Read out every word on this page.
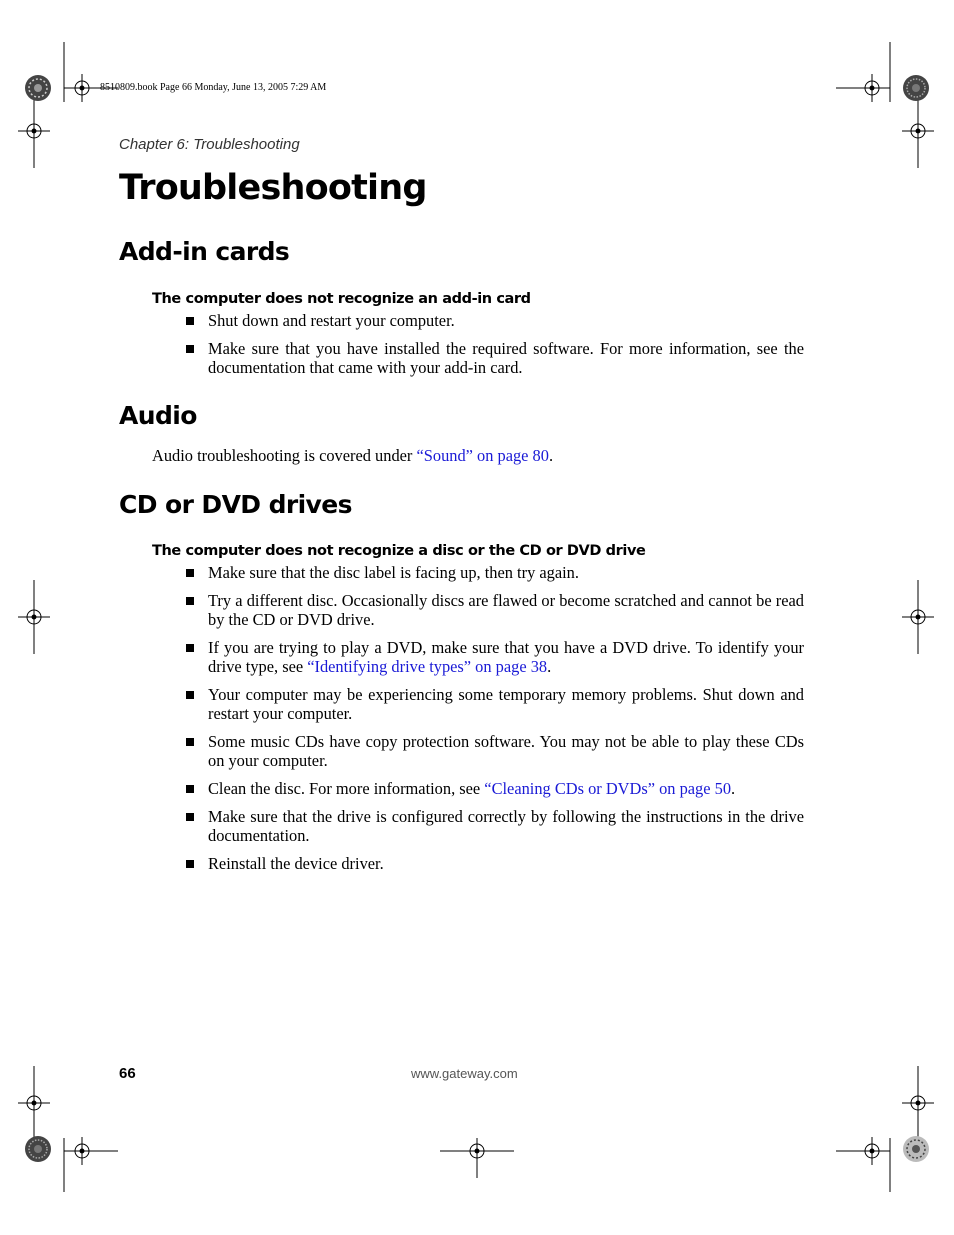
8510809.book Page 66 Monday, June 13, 2005 7:29 AM
Chapter 6: Troubleshooting
Troubleshooting
Add-in cards
The computer does not recognize an add-in card
Shut down and restart your computer.
Make sure that you have installed the required software. For more information, see the documentation that came with your add-in card.
Audio
Audio troubleshooting is covered under “Sound” on page 80.
CD or DVD drives
The computer does not recognize a disc or the CD or DVD drive
Make sure that the disc label is facing up, then try again.
Try a different disc. Occasionally discs are flawed or become scratched and cannot be read by the CD or DVD drive.
If you are trying to play a DVD, make sure that you have a DVD drive. To identify your drive type, see “Identifying drive types” on page 38.
Your computer may be experiencing some temporary memory problems. Shut down and restart your computer.
Some music CDs have copy protection software. You may not be able to play these CDs on your computer.
Clean the disc. For more information, see “Cleaning CDs or DVDs” on page 50.
Make sure that the drive is configured correctly by following the instructions in the drive documentation.
Reinstall the device driver.
66	www.gateway.com
